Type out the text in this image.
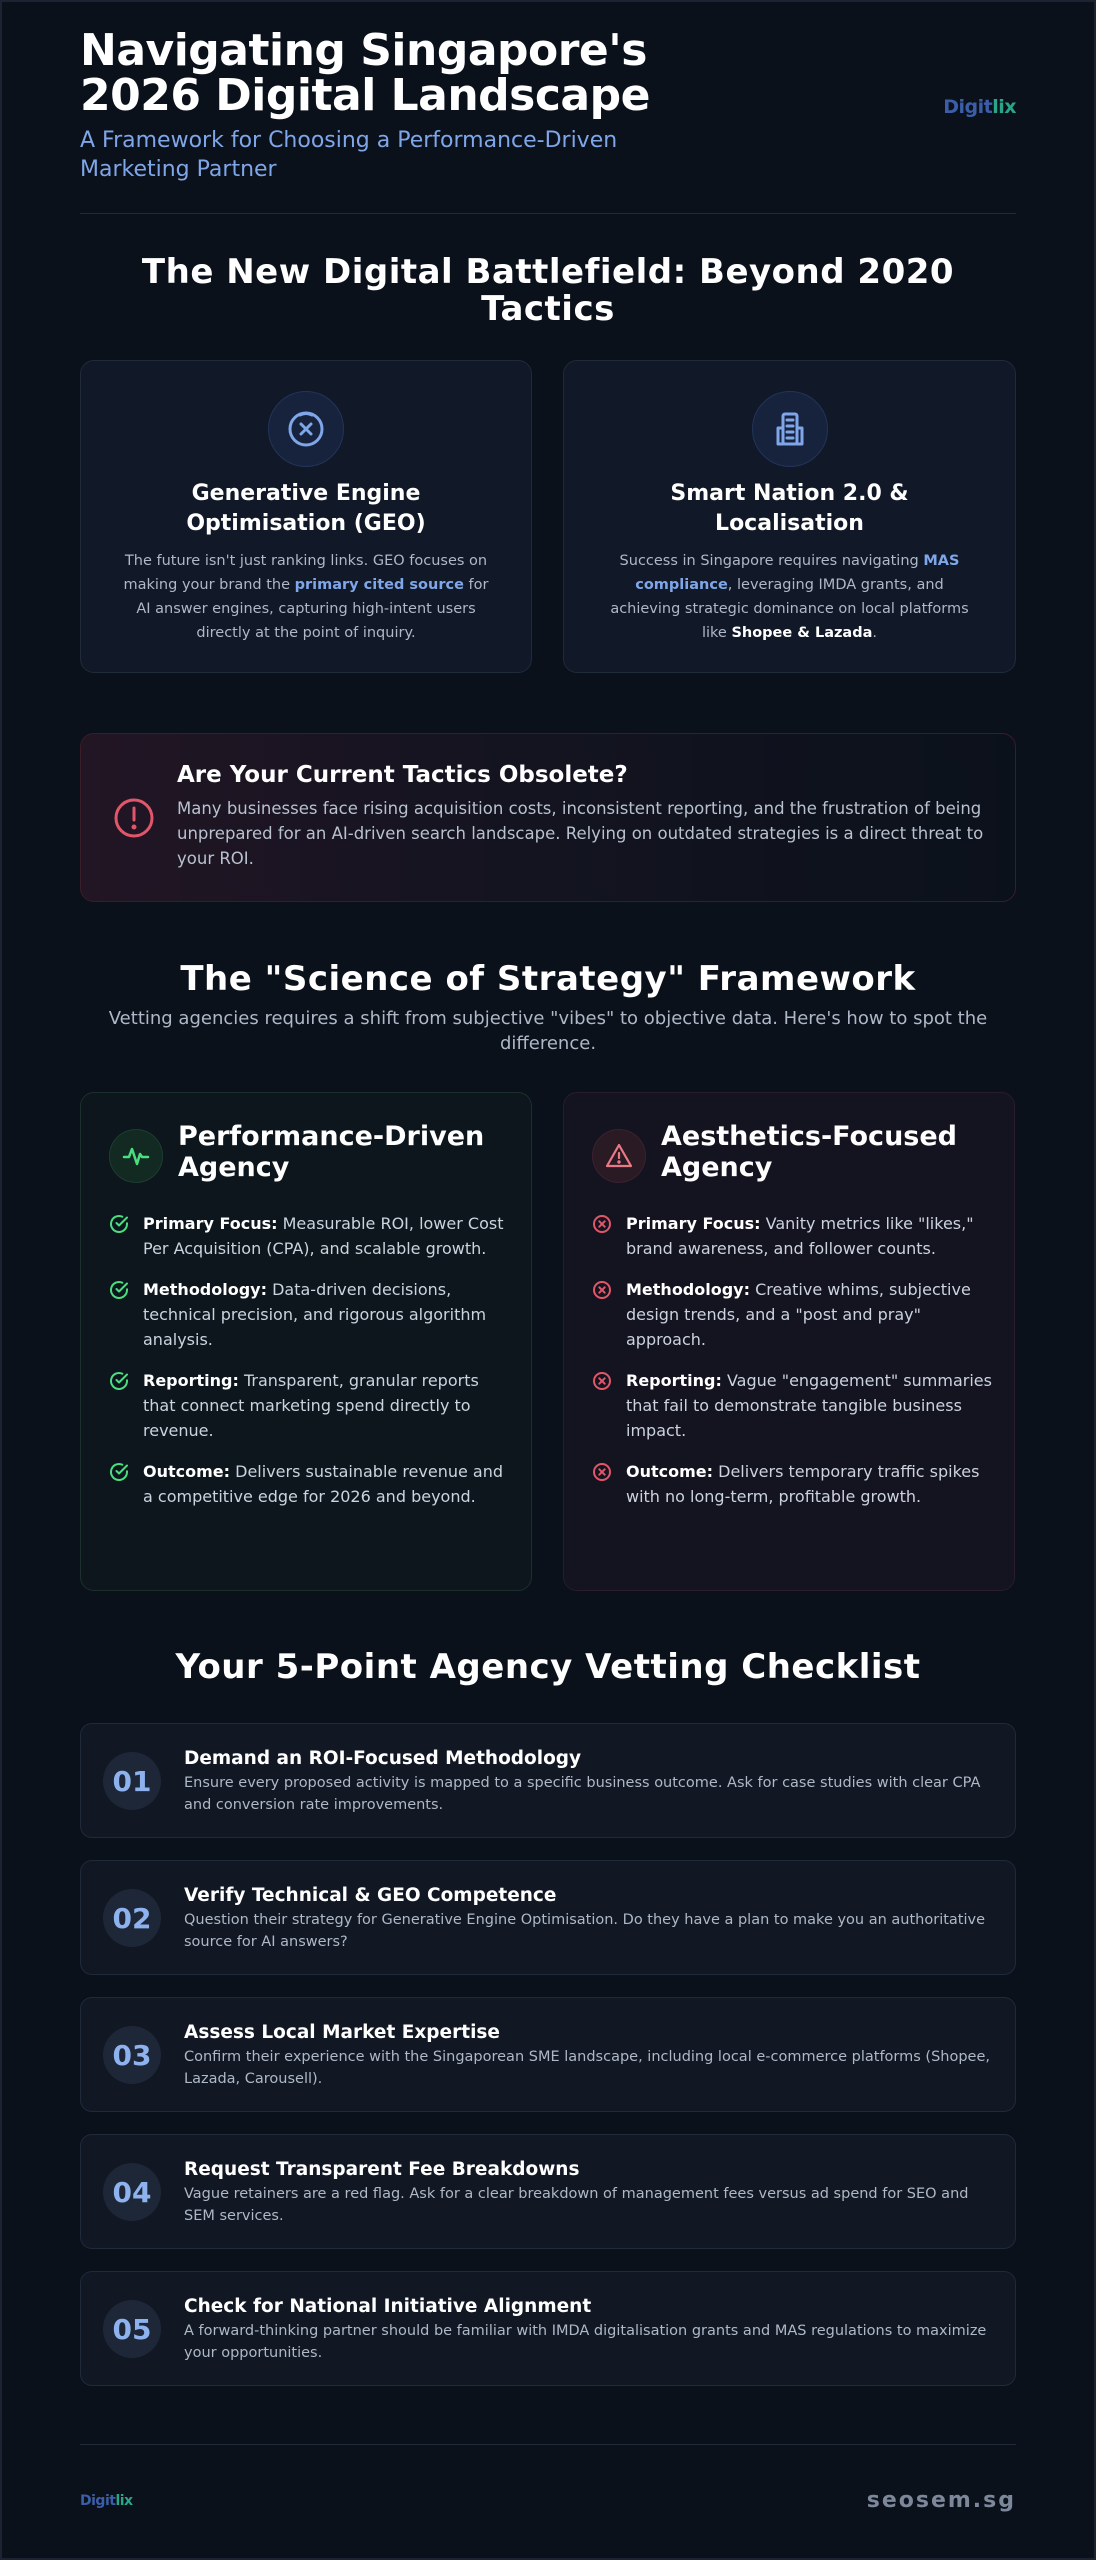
Navigating Singapore's 2026 Digital Landscape

A Framework for Choosing a Performance-Driven Marketing Partner

Digitlix
The New Digital Battlefield: Beyond 2020 Tactics
Generative Engine Optimisation (GEO)

The future isn't just ranking links. GEO focuses on making your brand the primary cited source for AI answer engines, capturing high-intent users directly at the point of inquiry.

Smart Nation 2.0 & Localisation

Success in Singapore requires navigating MAS compliance, leveraging IMDA grants, and achieving strategic dominance on local platforms like Shopee & Lazada.

Are Your Current Tactics Obsolete?

Many businesses face rising acquisition costs, inconsistent reporting, and the frustration of being unprepared for an AI-driven search landscape. Relying on outdated strategies is a direct threat to your ROI.

The "Science of Strategy" Framework

Vetting agencies requires a shift from subjective "vibes" to objective data. Here's how to spot the difference.

Performance-Driven Agency
Primary Focus: Measurable ROI, lower Cost Per Acquisition (CPA), and scalable growth.
Methodology: Data-driven decisions, technical precision, and rigorous algorithm analysis.
Reporting: Transparent, granular reports that connect marketing spend directly to revenue.
Outcome: Delivers sustainable revenue and a competitive edge for 2026 and beyond.
Aesthetics-Focused Agency
Primary Focus: Vanity metrics like "likes," brand awareness, and follower counts.
Methodology: Creative whims, subjective design trends, and a "post and pray" approach.
Reporting: Vague "engagement" summaries that fail to demonstrate tangible business impact.
Outcome: Delivers temporary traffic spikes with no long-term, profitable growth.
Your 5-Point Agency Vetting Checklist
01
Demand an ROI-Focused Methodology

Ensure every proposed activity is mapped to a specific business outcome. Ask for case studies with clear CPA and conversion rate improvements.

02
Verify Technical & GEO Competence

Question their strategy for Generative Engine Optimisation. Do they have a plan to make you an authoritative source for AI answers?

03
Assess Local Market Expertise

Confirm their experience with the Singaporean SME landscape, including local e-commerce platforms (Shopee, Lazada, Carousell).

04
Request Transparent Fee Breakdowns

Vague retainers are a red flag. Ask for a clear breakdown of management fees versus ad spend for SEO and SEM services.

05
Check for National Initiative Alignment

A forward-thinking partner should be familiar with IMDA digitalisation grants and MAS regulations to maximize your opportunities.

Digitlix	seosem.sg
